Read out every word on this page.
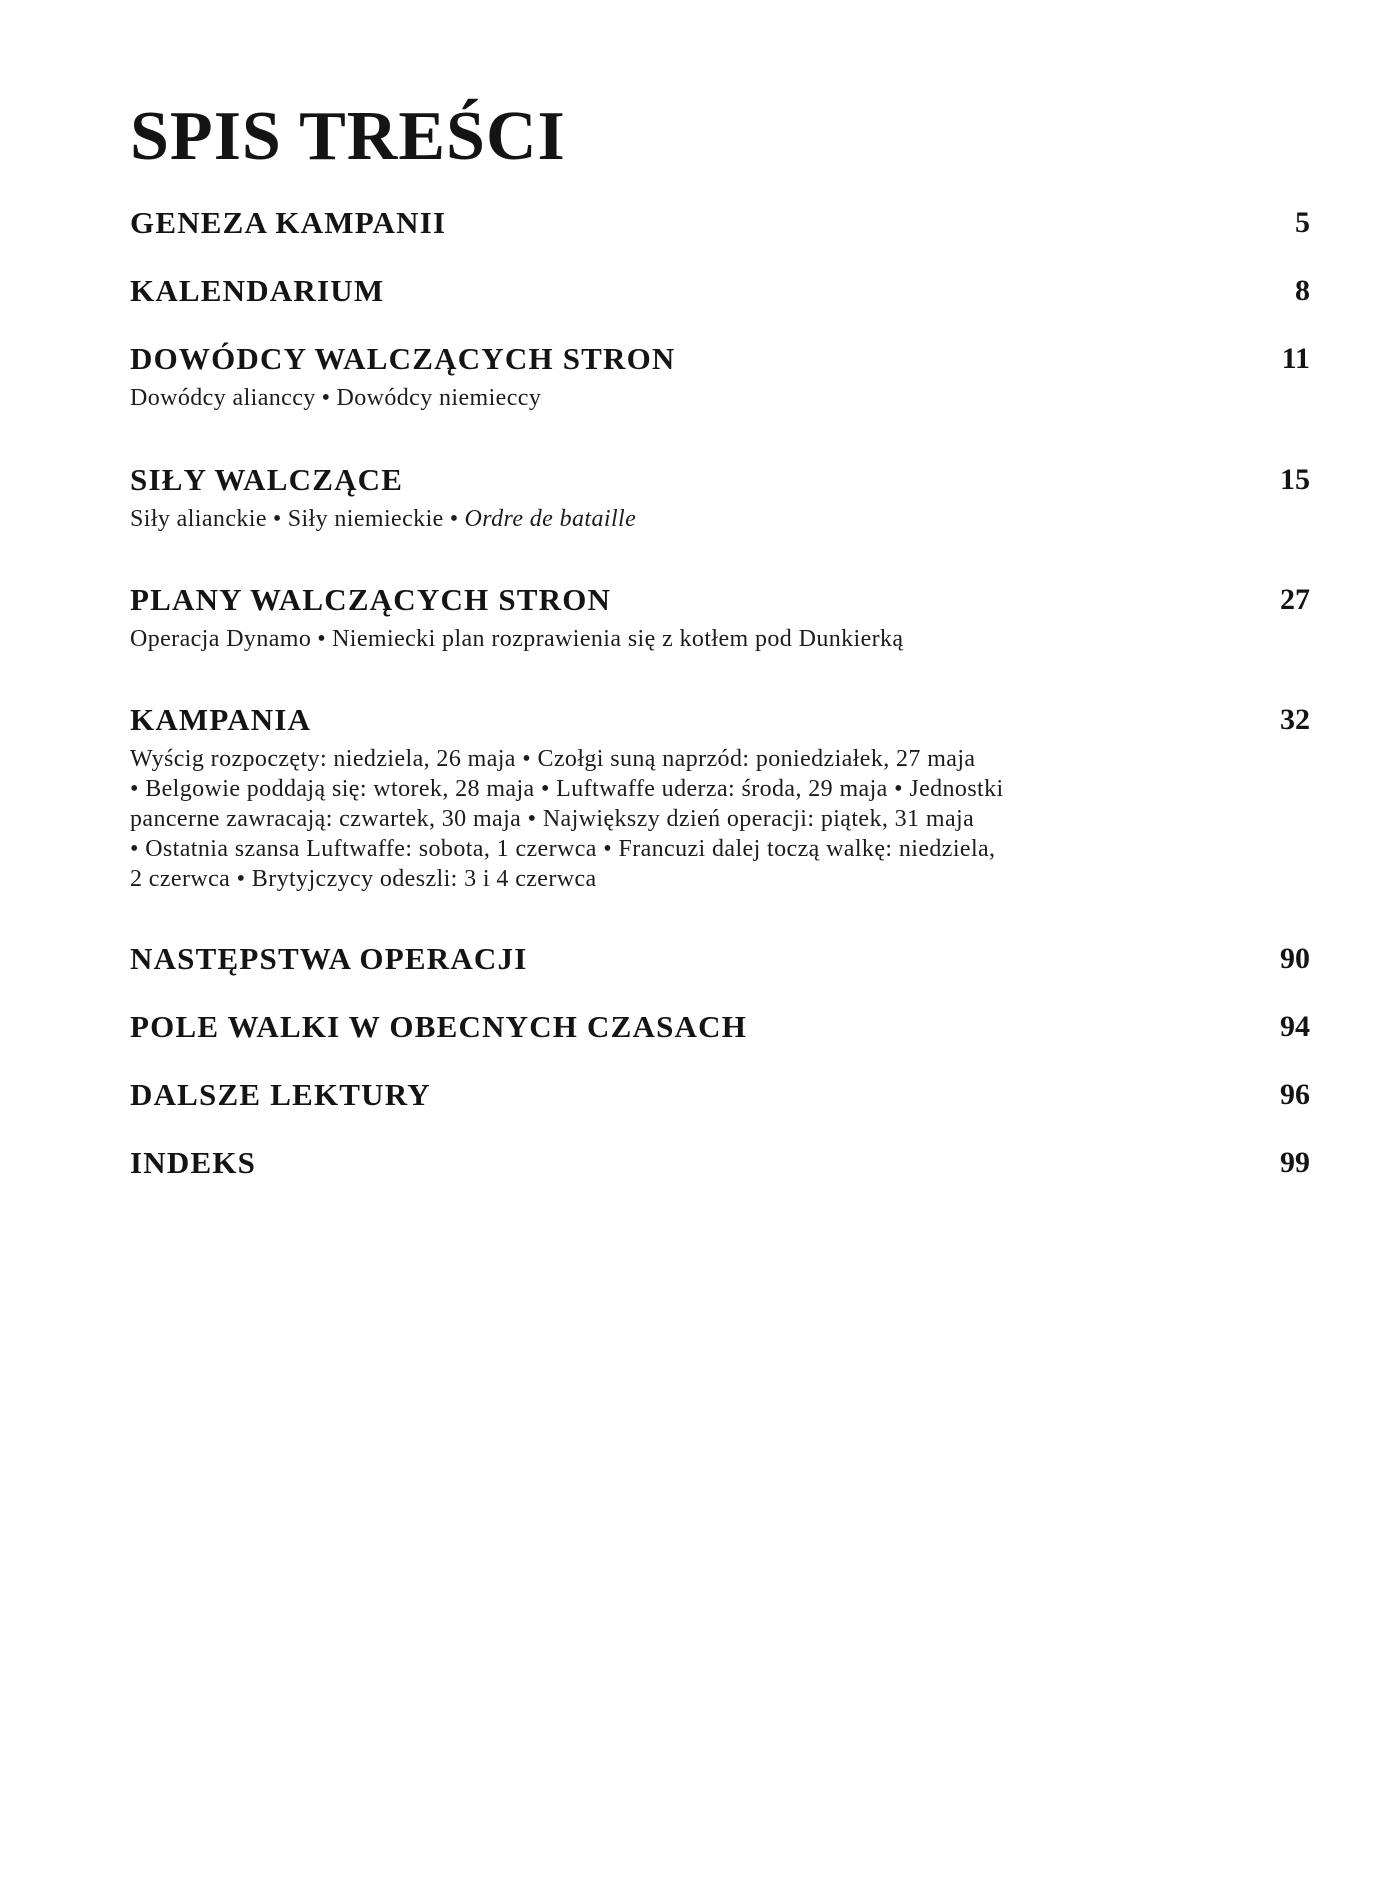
SPIS TREŚCI
GENEZA KAMPANII	5
KALENDARIUM	8
DOWÓDCY WALCZĄCYCH STRON	11
Dowódcy alianccy • Dowódcy niemieccy
SIŁY WALCZĄCE	15
Siły alianckie • Siły niemieckie • Ordre de bataille
PLANY WALCZĄCYCH STRON	27
Operacja Dynamo • Niemiecki plan rozprawienia się z kotłem pod Dunkierką
KAMPANIA	32
Wyścig rozpoczęty: niedziela, 26 maja • Czołgi suną naprzód: poniedziałek, 27 maja
• Belgowie poddają się: wtorek, 28 maja • Luftwaffe uderza: środa, 29 maja • Jednostki
pancerne zawracają: czwartek, 30 maja • Największy dzień operacji: piątek, 31 maja
• Ostatnia szansa Luftwaffe: sobota, 1 czerwca • Francuzi dalej toczą walkę: niedziela,
2 czerwca • Brytyjczycy odeszli: 3 i 4 czerwca
NASTĘPSTWA OPERACJI	90
POLE WALKI W OBECNYCH CZASACH	94
DALSZE LEKTURY	96
INDEKS	99
